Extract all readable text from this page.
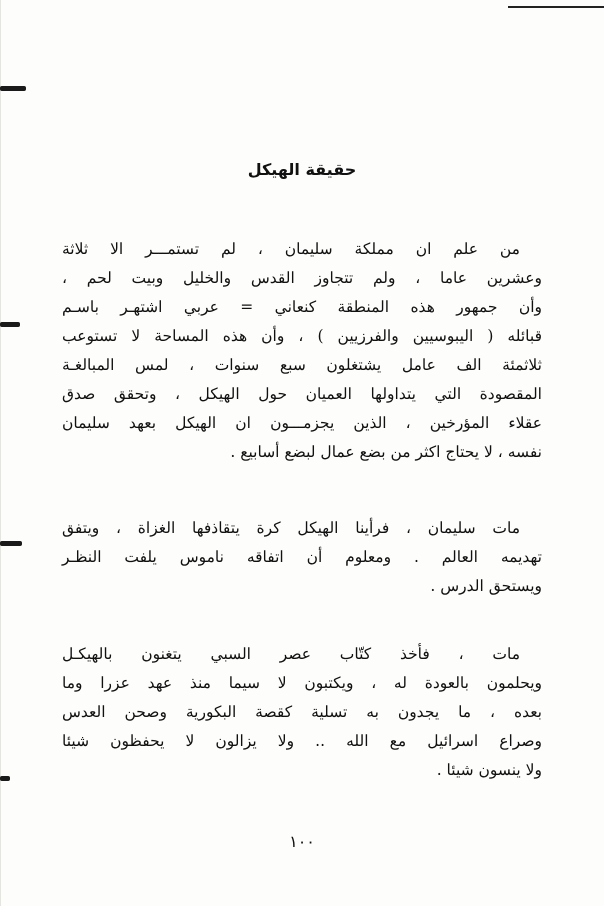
حقيقة الهيكل
من علم ان مملكة سليمان ، لم تستمـــر الا ثلاثة
وعشرين عاما ، ولم تتجاوز القدس والخليل وبيت لحم ،
وأن جمهور هذه المنطقة كنعاني = عربي اشتهـر باسـم
قبائله ( اليبوسيين والفرزيين ) ، وأن هذه المساحة لا تستوعب
ثلاثمئة الف عامل يشتغلون سبع سنوات ، لمس المبالغـة
المقصودة التي يتداولها العميان حول الهيكل ، وتحقق صدق
عقلاء المؤرخين ، الذين يجزمـــون ان الهيكل بعهد سليمان
نفسه ، لا يحتاج اكثر من بضع عمال لبضع أسابيع .
مات سليمان ، فرأينا الهيكل كرة يتقاذفها الغزاة ، ويتفق
تهديمه العالم . ومعلوم أن اتفاقه ناموس يلفت النظـر
ويستحق الدرس .
مات ، فأخذ كتّاب عصر السبي يتغنون بالهيكـل
ويحلمون بالعودة له ، ويكتبون لا سيما منذ عهد عزرا وما
بعده ، ما يجدون به تسلية كقصة البكورية وصحن العدس
وصراع اسرائيل مع الله .. ولا يزالون لا يحفظون شيئا
ولا ينسون شيئا .
١٠٠
